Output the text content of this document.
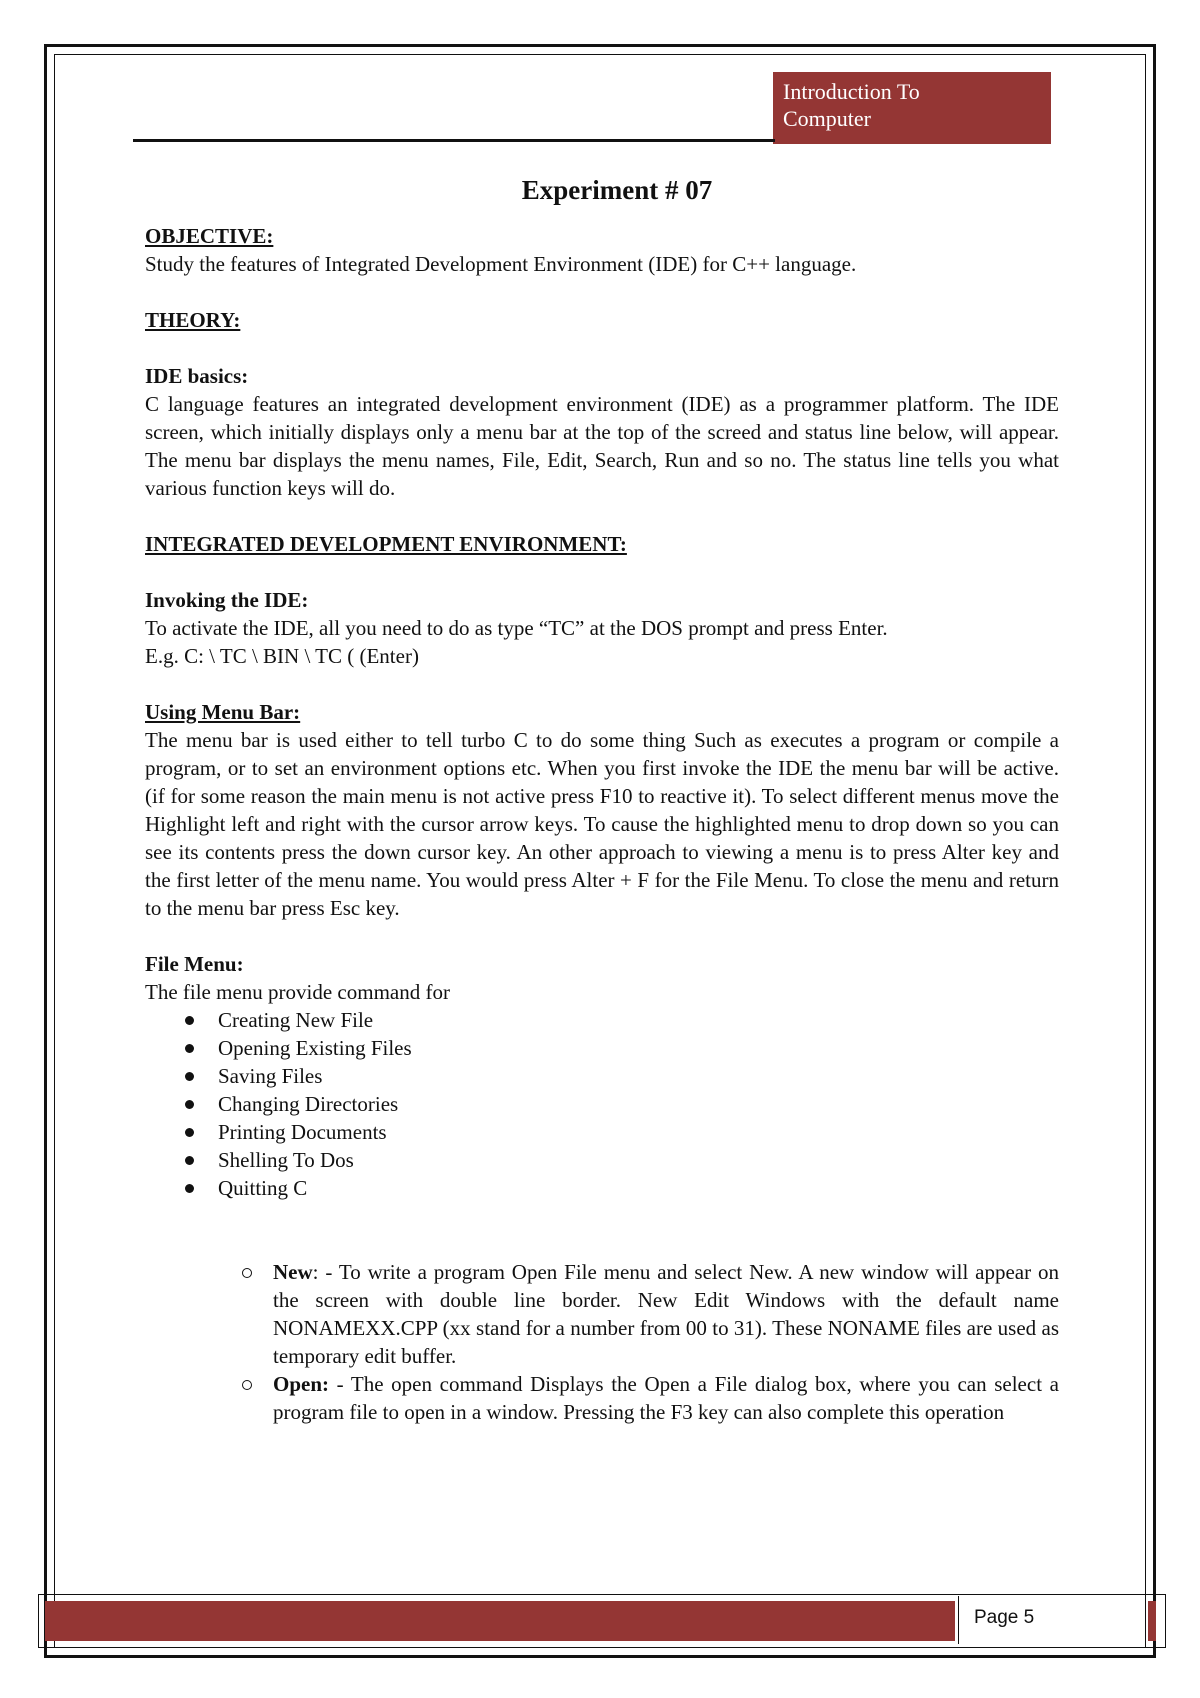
Introduction To
Computer
Experiment # 07

OBJECTIVE:

Study the features of Integrated Development Environment (IDE) for C++ language.

THEORY:

IDE basics:

C language features an integrated development environment (IDE) as a programmer platform. The IDE screen, which initially displays only a menu bar at the top of the screed and status line below, will appear. The menu bar displays the menu names, File, Edit, Search, Run and so no. The status line tells you what various function keys will do.

INTEGRATED DEVELOPMENT ENVIRONMENT:

Invoking the IDE:

To activate the IDE, all you need to do as type “TC” at the DOS prompt and press Enter.

E.g. C: \ TC \ BIN \ TC ( (Enter)

Using Menu Bar:

The menu bar is used either to tell turbo C to do some thing Such as executes a program or compile a program, or to set an environment options etc. When you first invoke the IDE the menu bar will be active. (if for some reason the main menu is not active press F10 to reactive it). To select different menus move the Highlight left and right with the cursor arrow keys. To cause the highlighted menu to drop down so you can see its contents press the down cursor key. An other approach to viewing a menu is to press Alter key and the first letter of the menu name. You would press Alter + F for the File Menu. To close the menu and return to the menu bar press Esc key.

File Menu:

The file menu provide command for

Creating New File
Opening Existing Files
Saving Files
Changing Directories
Printing Documents
Shelling To Dos
Quitting C
New: - To write a program Open File menu and select New. A new window will appear on the screen with double line border. New Edit Windows with the default name NONAMEXX.CPP (xx stand for a number from 00 to 31). These NONAME files are used as temporary edit buffer.
Open: - The open command Displays the Open a File dialog box, where you can select a program file to open in a window. Pressing the F3 key can also complete this operation
Page 5
